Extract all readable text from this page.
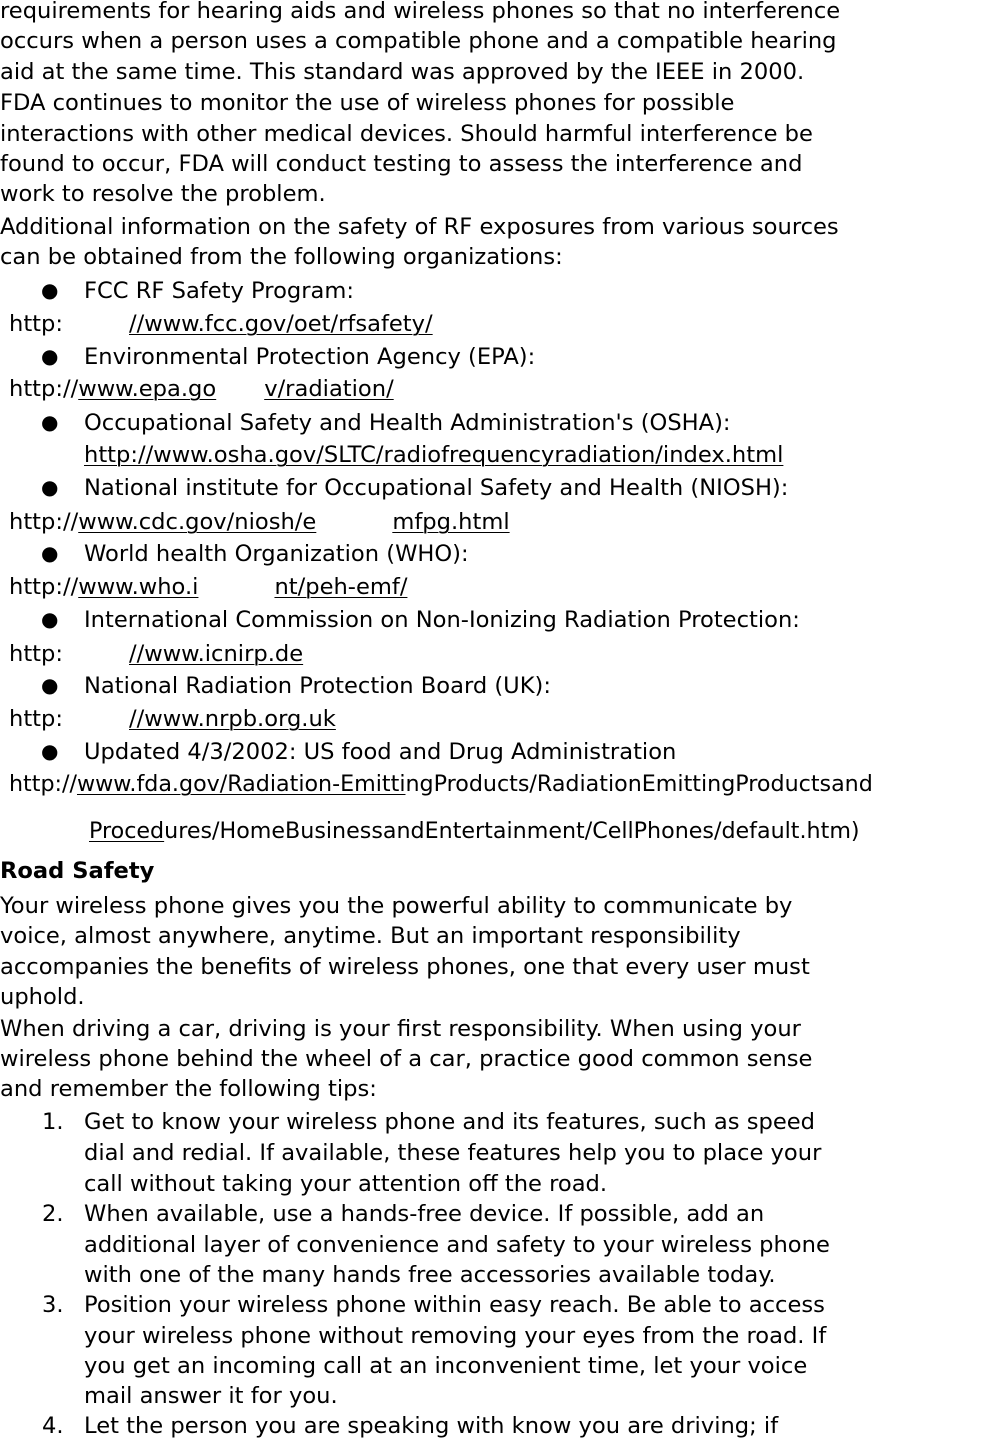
requirements for hearing aids and wireless phones so that no interference
occurs when a person uses a compatible phone and a compatible hearing
aid at the same time. This standard was approved by the IEEE in 2000.
FDA continues to monitor the use of wireless phones for possible
interactions with other medical devices. Should harmful interference be
found to occur, FDA will conduct testing to assess the interference and
work to resolve the problem.
Additional information on the safety of RF exposures from various sources
can be obtained from the following organizations:
● FCC RF Safety Program:
http:	//www.fcc.gov/oet/rfsafety/
● Environmental Protection Agency (EPA):
http://www.epa.go v/radiation/
● Occupational Safety and Health Administration's (OSHA):
http://www.osha.gov/SLTC/radiofrequencyradiation/index.html
● National institute for Occupational Safety and Health (NIOSH):
http://www.cdc.gov/niosh/e	mfpg.html
● World health Organization (WHO):
http://www.who.i	nt/peh-emf/
● International Commission on Non-Ionizing Radiation Protection:
http:	//www.icnirp.de
● National Radiation Protection Board (UK):
http:	//www.nrpb.org.uk
● Updated 4/3/2002: US food and Drug Administration
http://www.fda.gov/Radiation-EmittingProducts/RadiationEmittingProductsand
Procedures/HomeBusinessandEntertainment/CellPhones/default.htm)
Road Safety
Your wireless phone gives you the powerful ability to communicate by
voice, almost anywhere, anytime. But an important responsibility
accompanies the benefits of wireless phones, one that every user must
uphold.
When driving a car, driving is your first responsibility. When using your
wireless phone behind the wheel of a car, practice good common sense
and remember the following tips:
1. Get to know your wireless phone and its features, such as speed
dial and redial. If available, these features help you to place your
call without taking your attention off the road.
2. When available, use a hands-free device. If possible, add an
additional layer of convenience and safety to your wireless phone
with one of the many hands free accessories available today.
3. Position your wireless phone within easy reach. Be able to access
your wireless phone without removing your eyes from the road. If
you get an incoming call at an inconvenient time, let your voice
mail answer it for you.
4. Let the person you are speaking with know you are driving; if
